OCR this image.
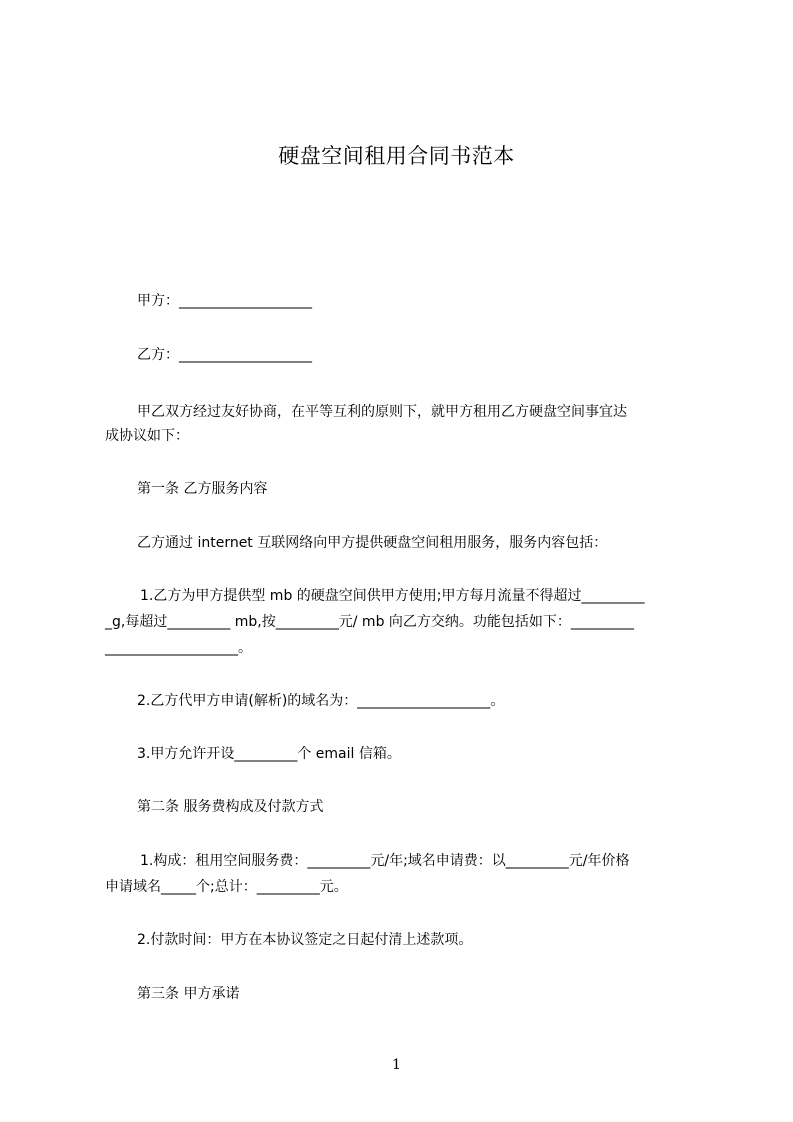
硬盘空间租用合同书范本
甲方：___________________
乙方：___________________
甲乙双方经过友好协商，在平等互利的原则下，就甲方租用乙方硬盘空间事宜达
成协议如下：
第一条 乙方服务内容
乙方通过 internet 互联网络向甲方提供硬盘空间租用服务，服务内容包括：
1.乙方为甲方提供型 mb 的硬盘空间供甲方使用;甲方每月流量不得超过_________
_g,每超过_________ mb,按_________元/ mb 向乙方交纳。功能包括如下：_________
___________________。
2.乙方代甲方申请(解析)的域名为：___________________。
3.甲方允许开设_________个 email 信箱。
第二条 服务费构成及付款方式
1.构成：租用空间服务费：_________元/年;域名申请费：以_________元/年价格
申请域名_____个;总计：_________元。
2.付款时间：甲方在本协议签定之日起付清上述款项。
第三条 甲方承诺
1
